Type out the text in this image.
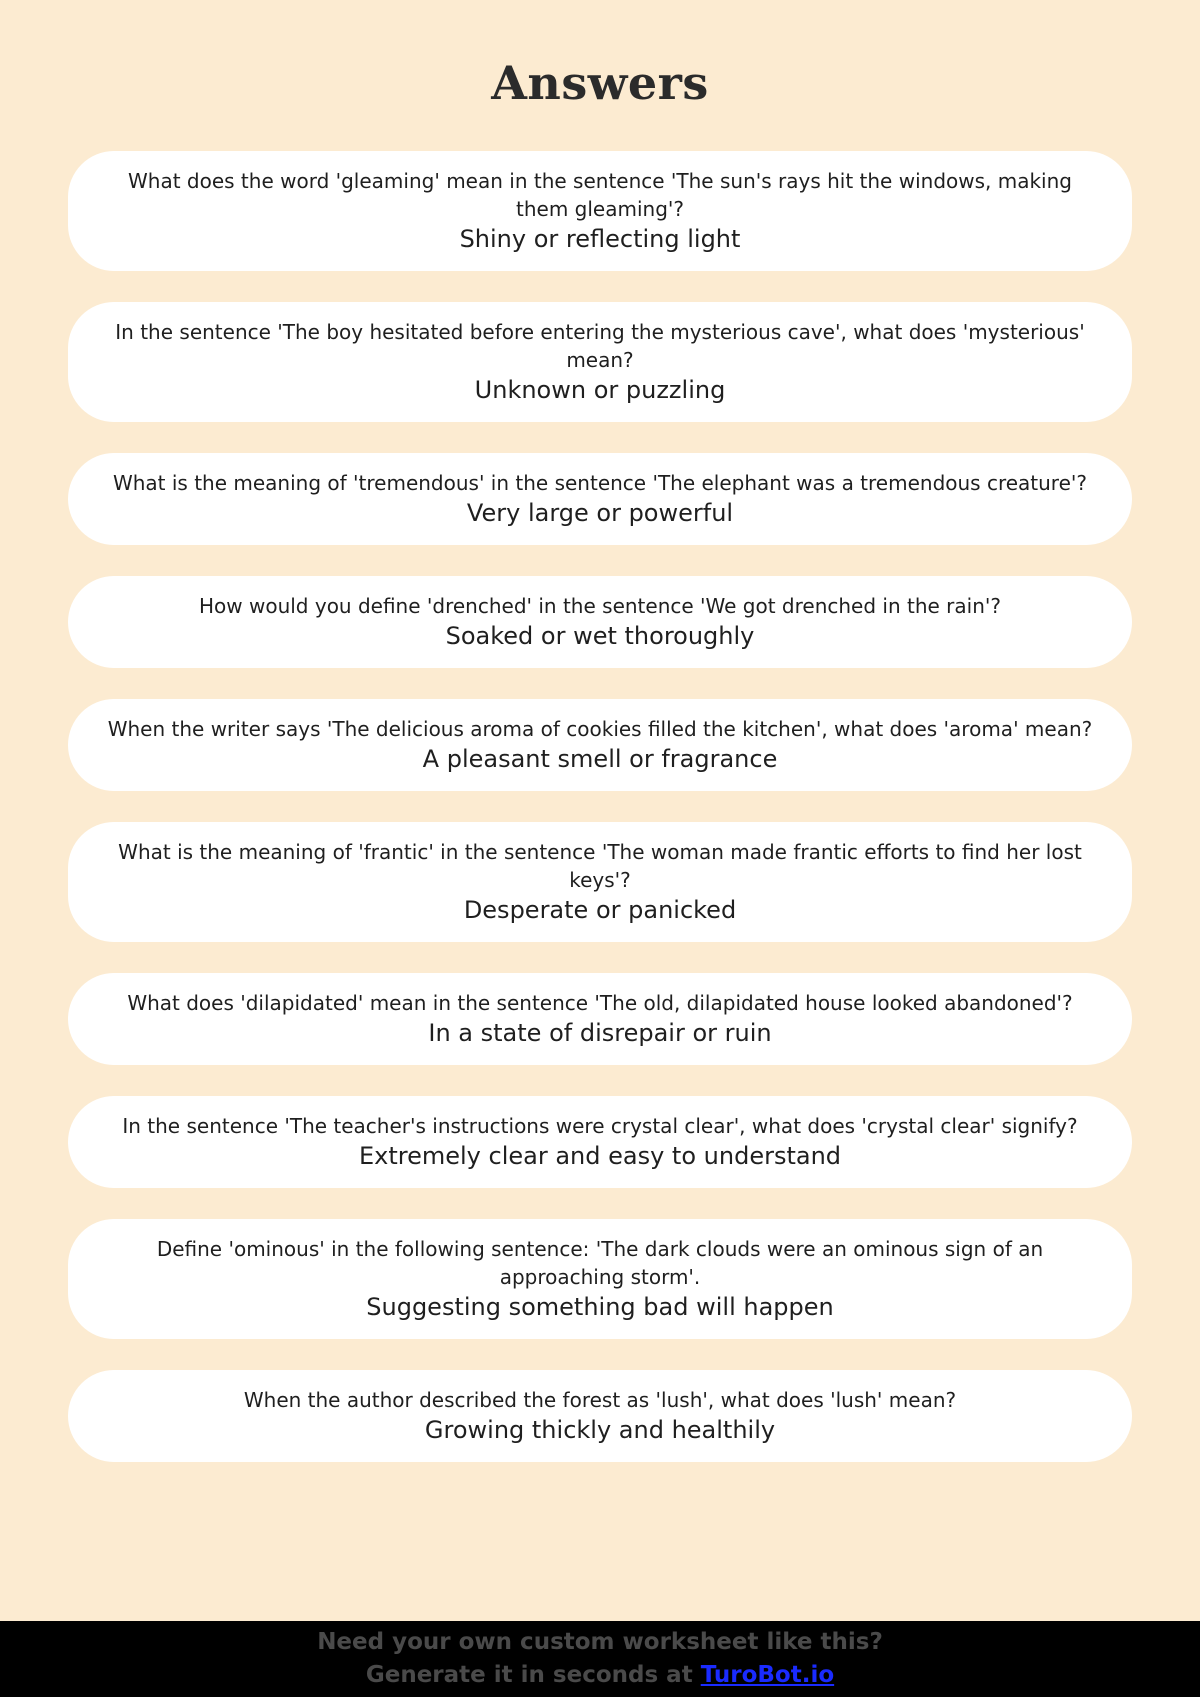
Answers
What does the word 'gleaming' mean in the sentence 'The sun's rays hit the windows, making them gleaming'?
Shiny or reflecting light
In the sentence 'The boy hesitated before entering the mysterious cave', what does 'mysterious' mean?
Unknown or puzzling
What is the meaning of 'tremendous' in the sentence 'The elephant was a tremendous creature'?
Very large or powerful
How would you define 'drenched' in the sentence 'We got drenched in the rain'?
Soaked or wet thoroughly
When the writer says 'The delicious aroma of cookies filled the kitchen', what does 'aroma' mean?
A pleasant smell or fragrance
What is the meaning of 'frantic' in the sentence 'The woman made frantic efforts to find her lost keys'?
Desperate or panicked
What does 'dilapidated' mean in the sentence 'The old, dilapidated house looked abandoned'?
In a state of disrepair or ruin
In the sentence 'The teacher's instructions were crystal clear', what does 'crystal clear' signify?
Extremely clear and easy to understand
Define 'ominous' in the following sentence: 'The dark clouds were an ominous sign of an approaching storm'.
Suggesting something bad will happen
When the author described the forest as 'lush', what does 'lush' mean?
Growing thickly and healthily
Need your own custom worksheet like this?
Generate it in seconds at TuroBot.io
